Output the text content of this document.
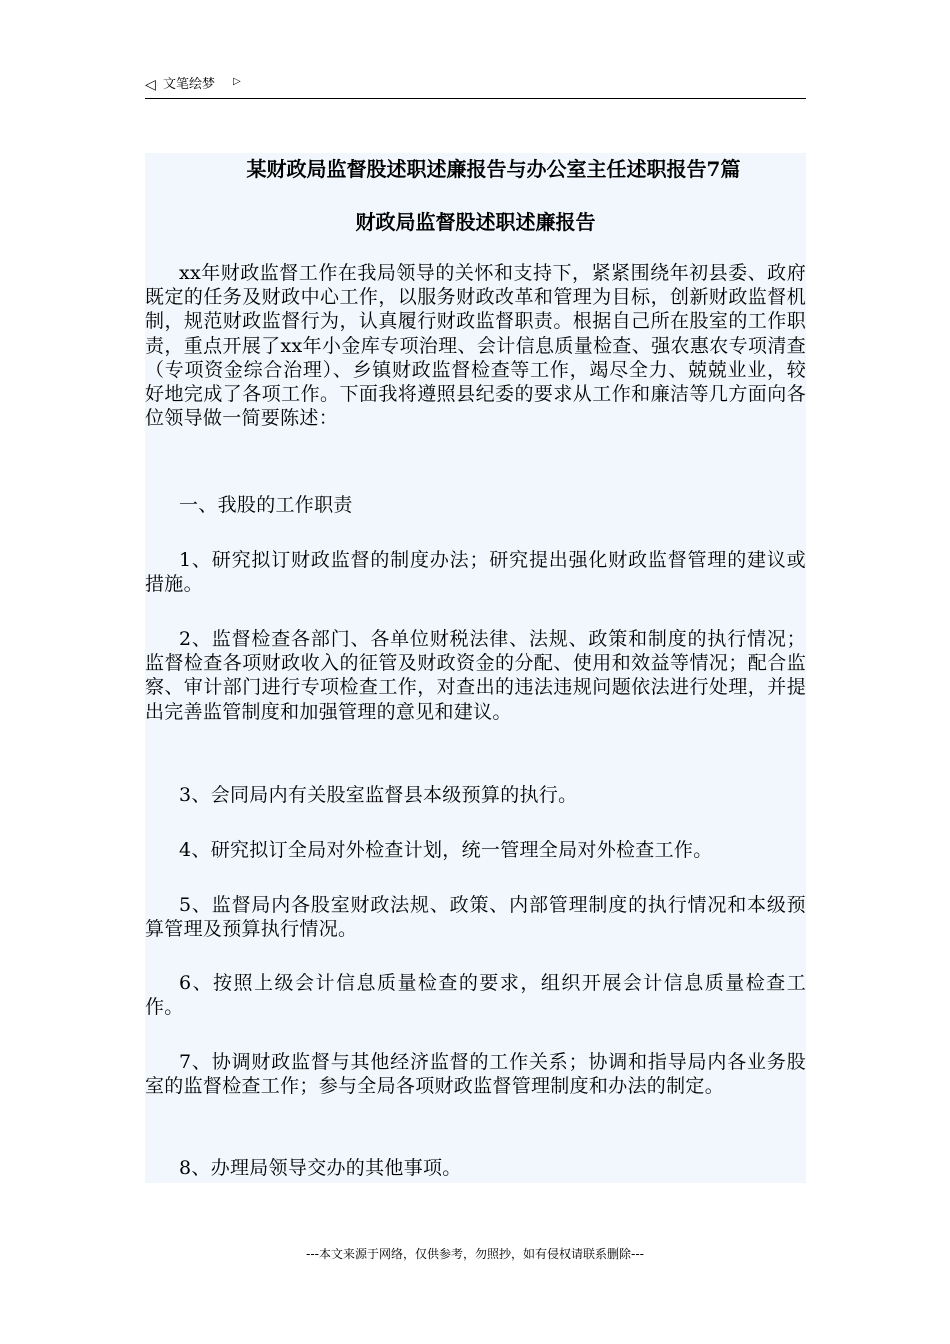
◁ 文笔绘梦 ▷
某财政局监督股述职述廉报告与办公室主任述职报告7篇
财政局监督股述职述廉报告

xx年财政监督工作在我局领导的关怀和支持下，紧紧围绕年初县委、政府既定的任务及财政中心工作，以服务财政改革和管理为目标，创新财政监督机制，规范财政监督行为，认真履行财政监督职责。根据自己所在股室的工作职责，重点开展了xx年小金库专项治理、会计信息质量检查、强农惠农专项清查（专项资金综合治理）、乡镇财政监督检查等工作，竭尽全力、兢兢业业，较好地完成了各项工作。下面我将遵照县纪委的要求从工作和廉洁等几方面向各位领导做一简要陈述：

一、我股的工作职责

1、研究拟订财政监督的制度办法；研究提出强化财政监督管理的建议或措施。

2、监督检查各部门、各单位财税法律、法规、政策和制度的执行情况；监督检查各项财政收入的征管及财政资金的分配、使用和效益等情况；配合监察、审计部门进行专项检查工作，对查出的违法违规问题依法进行处理，并提出完善监管制度和加强管理的意见和建议。

3、会同局内有关股室监督县本级预算的执行。

4、研究拟订全局对外检查计划，统一管理全局对外检查工作。

5、监督局内各股室财政法规、政策、内部管理制度的执行情况和本级预算管理及预算执行情况。

6、按照上级会计信息质量检查的要求，组织开展会计信息质量检查工作。

7、协调财政监督与其他经济监督的工作关系；协调和指导局内各业务股室的监督检查工作；参与全局各项财政监督管理制度和办法的制定。

8、办理局领导交办的其他事项。

---本文来源于网络，仅供参考，勿照抄，如有侵权请联系删除---
